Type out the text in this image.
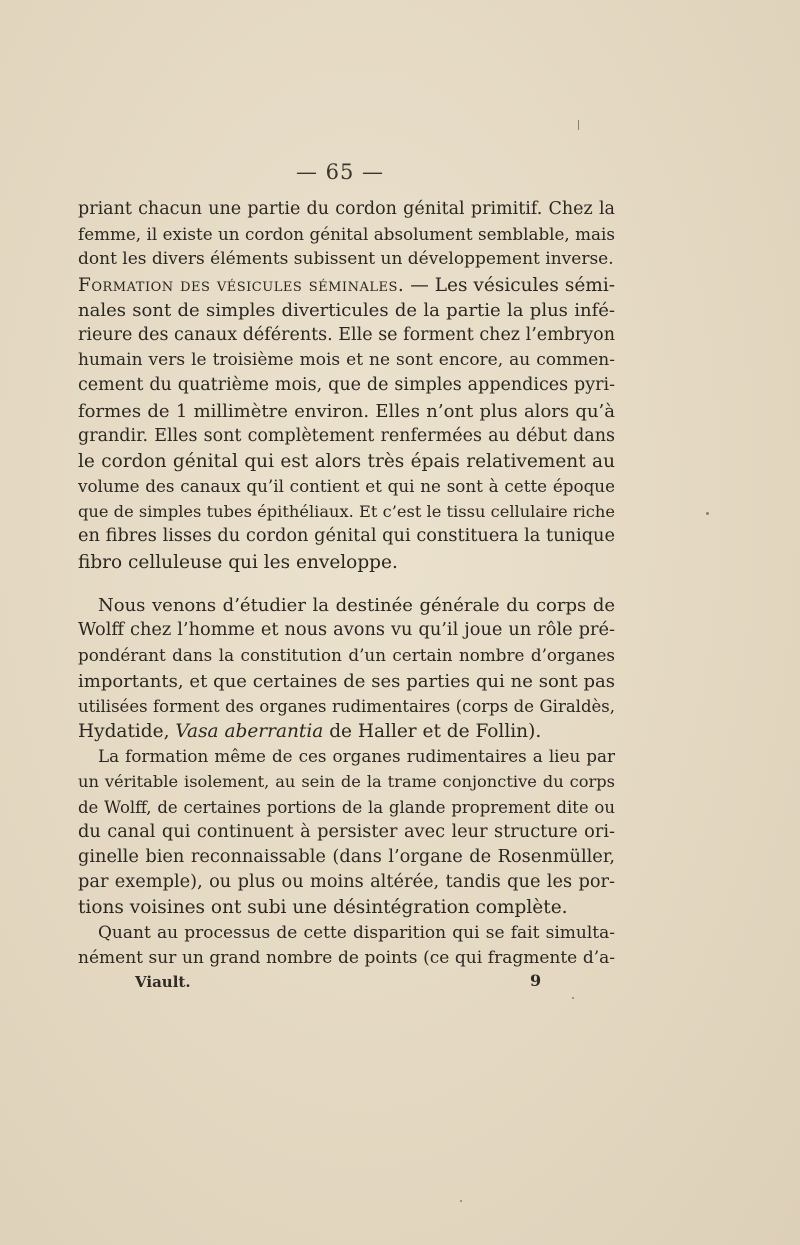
— 65 —
priant chacun une partie du cordon génital primitif. Chez la
femme, il existe un cordon génital absolument semblable, mais
dont les divers éléments subissent un développement inverse.
Formation des vésicules séminales. — Les vésicules sémi-
nales sont de simples diverticules de la partie la plus infé-
rieure des canaux déférents. Elle se forment chez l’embryon
humain vers le troisième mois et ne sont encore, au commen-
cement du quatrième mois, que de simples appendices pyri-
formes de 1 millimètre environ. Elles n’ont plus alors qu’à
grandir. Elles sont complètement renfermées au début dans
le cordon génital qui est alors très épais relativement au
volume des canaux qu’il contient et qui ne sont à cette époque
que de simples tubes épithéliaux. Et c’est le tissu cellulaire riche
en fibres lisses du cordon génital qui constituera la tunique
fibro celluleuse qui les enveloppe.
Nous venons d’étudier la destinée générale du corps de
Wolff chez l’homme et nous avons vu qu’il joue un rôle pré-
pondérant dans la constitution d’un certain nombre d’organes
importants, et que certaines de ses parties qui ne sont pas
utilisées forment des organes rudimentaires (corps de Giraldès,
Hydatide, Vasa aberrantia de Haller et de Follin).
La formation même de ces organes rudimentaires a lieu par
un véritable isolement, au sein de la trame conjonctive du corps
de Wolff, de certaines portions de la glande proprement dite ou
du canal qui continuent à persister avec leur structure ori-
ginelle bien reconnaissable (dans l’organe de Rosenmüller,
par exemple), ou plus ou moins altérée, tandis que les por-
tions voisines ont subi une désintégration complète.
Quant au processus de cette disparition qui se fait simulta-
nément sur un grand nombre de points (ce qui fragmente d’a-
Viault.	9
